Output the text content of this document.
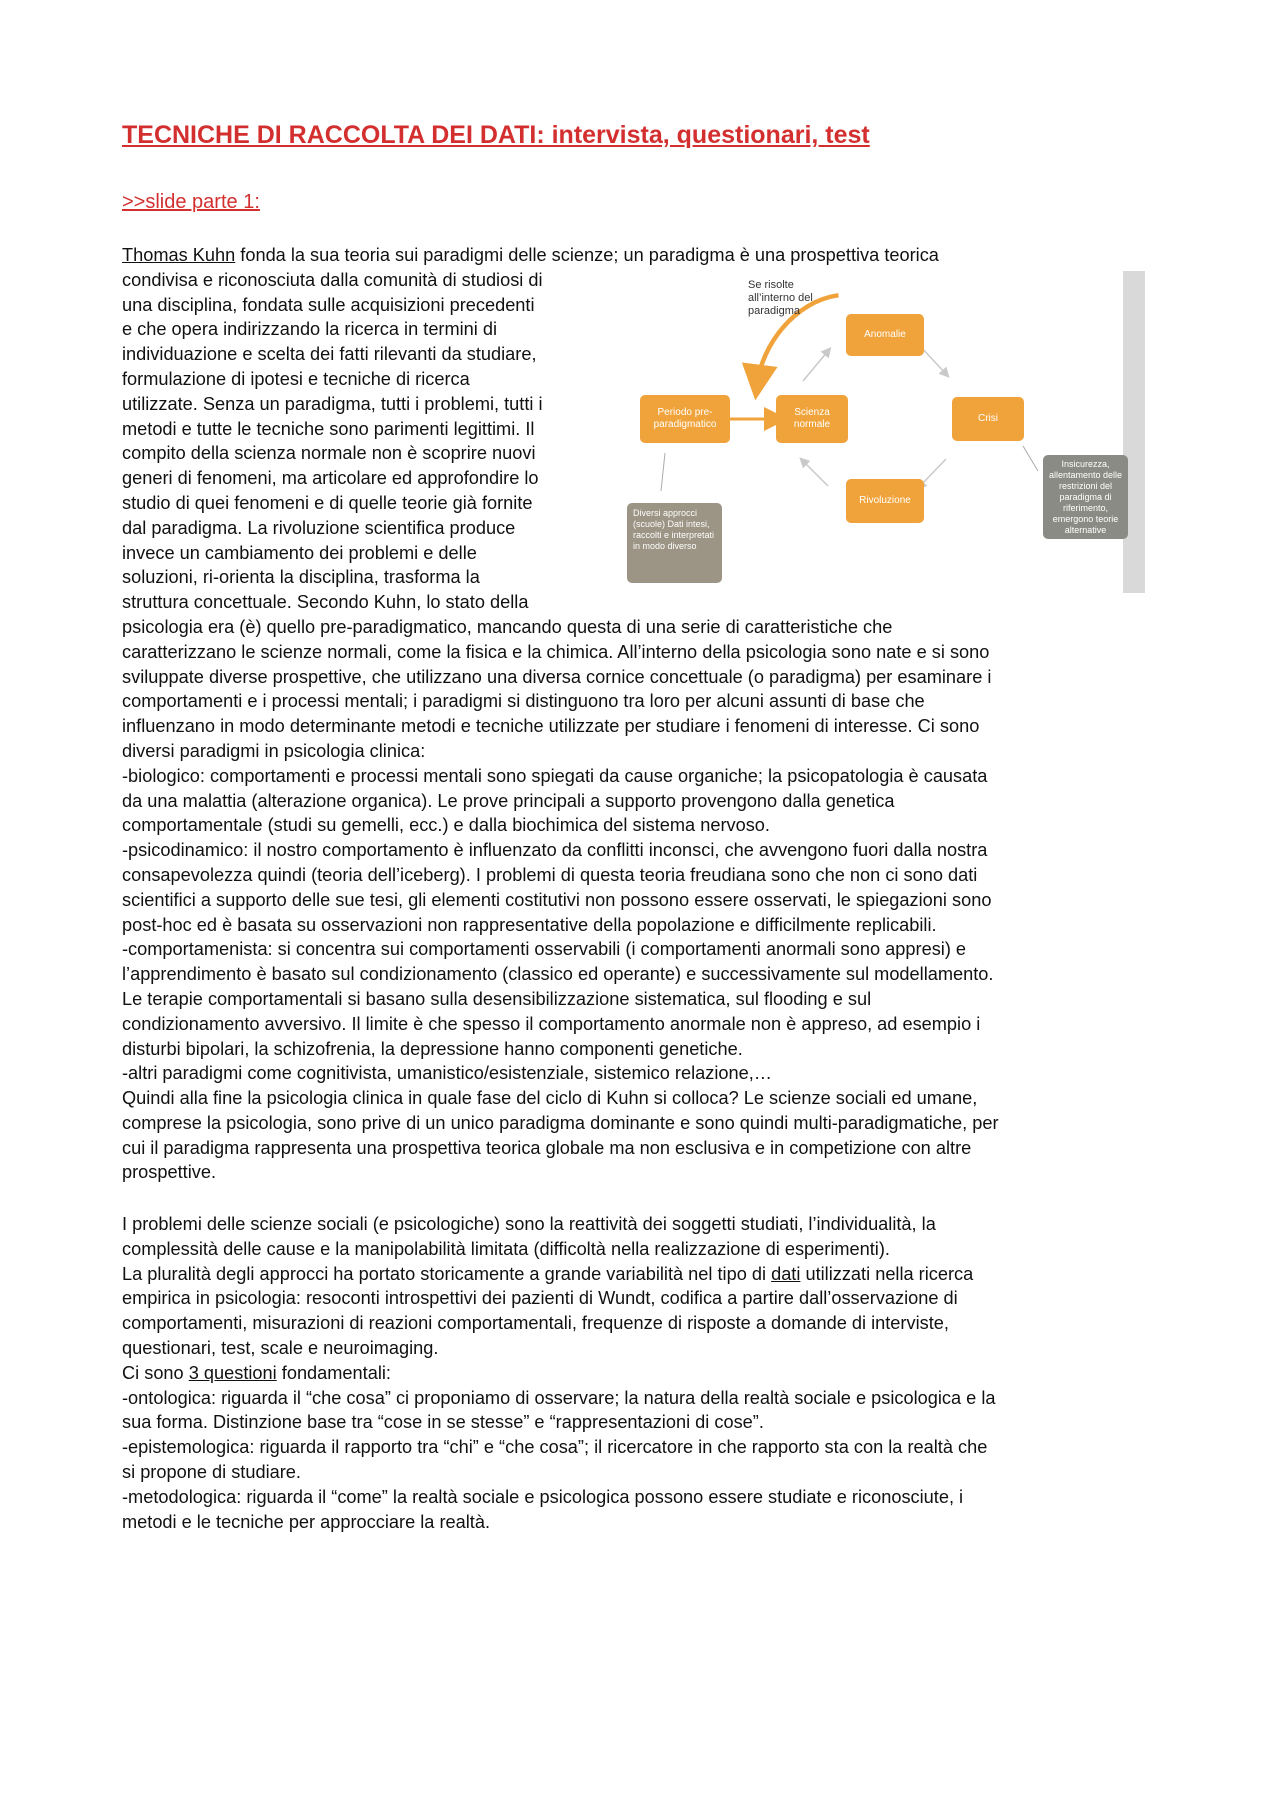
TECNICHE DI RACCOLTA DEI DATI: intervista, questionari, test
>>slide parte 1:
Thomas Kuhn fonda la sua teoria sui paradigmi delle scienze; un paradigma è una prospettiva teorica
condivisa e riconosciuta dalla comunità di studiosi di
una disciplina, fondata sulle acquisizioni precedenti
e che opera indirizzando la ricerca in termini di
individuazione e scelta dei fatti rilevanti da studiare,
formulazione di ipotesi e tecniche di ricerca
utilizzate. Senza un paradigma, tutti i problemi, tutti i
metodi e tutte le tecniche sono parimenti legittimi. Il
compito della scienza normale non è scoprire nuovi
generi di fenomeni, ma articolare ed approfondire lo
studio di quei fenomeni e di quelle teorie già fornite
dal paradigma. La rivoluzione scientifica produce
invece un cambiamento dei problemi e delle
soluzioni, ri-orienta la disciplina, trasforma la
struttura concettuale. Secondo Kuhn, lo stato della
psicologia era (è) quello pre-paradigmatico, mancando questa di una serie di caratteristiche che
caratterizzano le scienze normali, come la fisica e la chimica. All’interno della psicologia sono nate e si sono
sviluppate diverse prospettive, che utilizzano una diversa cornice concettuale (o paradigma) per esaminare i
comportamenti e i processi mentali; i paradigmi si distinguono tra loro per alcuni assunti di base che
influenzano in modo determinante metodi e tecniche utilizzate per studiare i fenomeni di interesse. Ci sono
diversi paradigmi in psicologia clinica:
-biologico: comportamenti e processi mentali sono spiegati da cause organiche; la psicopatologia è causata
da una malattia (alterazione organica). Le prove principali a supporto provengono dalla genetica
comportamentale (studi su gemelli, ecc.) e dalla biochimica del sistema nervoso.
-psicodinamico: il nostro comportamento è influenzato da conflitti inconsci, che avvengono fuori dalla nostra
consapevolezza quindi (teoria dell’iceberg). I problemi di questa teoria freudiana sono che non ci sono dati
scientifici a supporto delle sue tesi, gli elementi costitutivi non possono essere osservati, le spiegazioni sono
post-hoc ed è basata su osservazioni non rappresentative della popolazione e difficilmente replicabili.
-comportamenista: si concentra sui comportamenti osservabili (i comportamenti anormali sono appresi) e
l’apprendimento è basato sul condizionamento (classico ed operante) e successivamente sul modellamento.
Le terapie comportamentali si basano sulla desensibilizzazione sistematica, sul flooding e sul
condizionamento avversivo. Il limite è che spesso il comportamento anormale non è appreso, ad esempio i
disturbi bipolari, la schizofrenia, la depressione hanno componenti genetiche.
-altri paradigmi come cognitivista, umanistico/esistenziale, sistemico relazione,…
Quindi alla fine la psicologia clinica in quale fase del ciclo di Kuhn si colloca? Le scienze sociali ed umane,
comprese la psicologia, sono prive di un unico paradigma dominante e sono quindi multi-paradigmatiche, per
cui il paradigma rappresenta una prospettiva teorica globale ma non esclusiva e in competizione con altre
prospettive.
I problemi delle scienze sociali (e psicologiche) sono la reattività dei soggetti studiati, l’individualità, la
complessità delle cause e la manipolabilità limitata (difficoltà nella realizzazione di esperimenti).
La pluralità degli approcci ha portato storicamente a grande variabilità nel tipo di dati utilizzati nella ricerca
empirica in psicologia: resoconti introspettivi dei pazienti di Wundt, codifica a partire dall’osservazione di
comportamenti, misurazioni di reazioni comportamentali, frequenze di risposte a domande di interviste,
questionari, test, scale e neuroimaging.
Ci sono 3 questioni fondamentali:
-ontologica: riguarda il “che cosa” ci proponiamo di osservare; la natura della realtà sociale e psicologica e la
sua forma. Distinzione base tra “cose in se stesse” e “rappresentazioni di cose”.
-epistemologica: riguarda il rapporto tra “chi” e “che cosa”; il ricercatore in che rapporto sta con la realtà che
si propone di studiare.
-metodologica: riguarda il “come” la realtà sociale e psicologica possono essere studiate e riconosciute, i
metodi e le tecniche per approcciare la realtà.
Se risolte all’interno del paradigma
Periodo pre-paradigmatico
Scienza normale
Anomalie
Crisi
Rivoluzione
Diversi approcci (scuole) Dati intesi, raccolti e interpretati in modo diverso
Insicurezza, allentamento delle restrizioni del paradigma di riferimento, emergono teorie alternative
